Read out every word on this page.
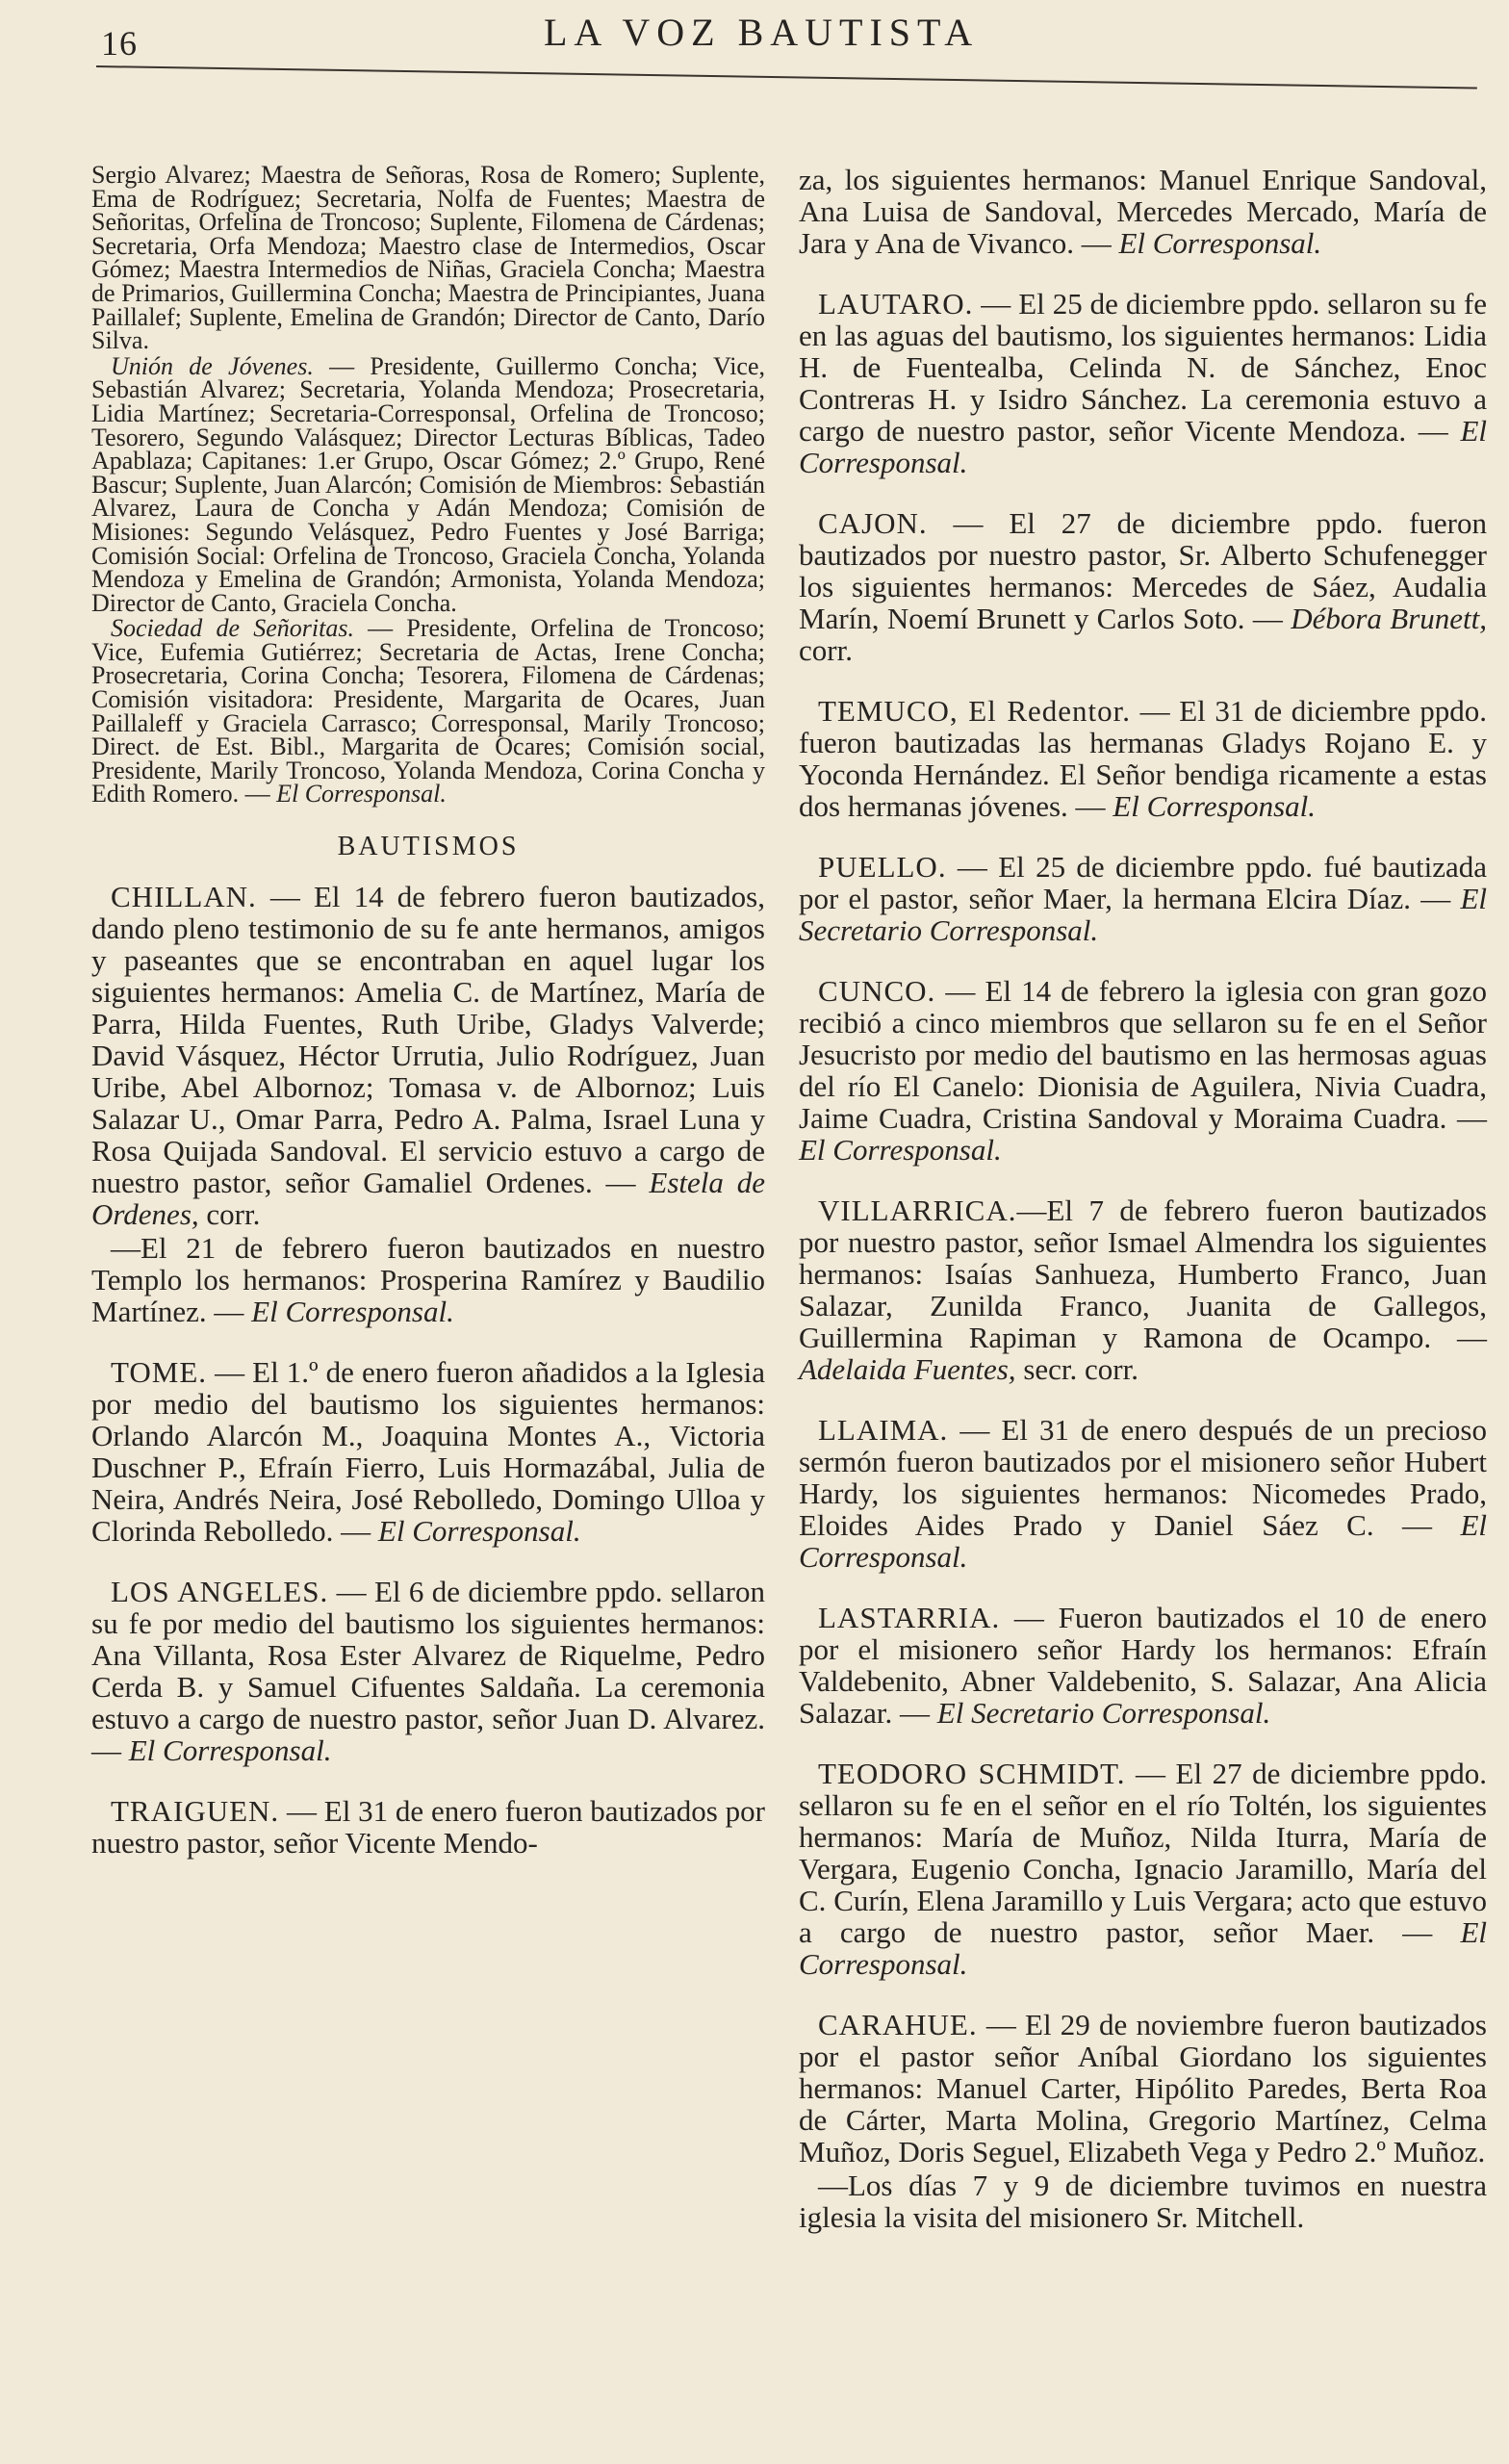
16	LA VOZ BAUTISTA

Sergio Alvarez; Maestra de Señoras, Rosa de Romero; Suplente, Ema de Rodríguez; Secretaria, Nolfa de Fuentes; Maestra de Señoritas, Orfelina de Troncoso; Suplente, Filomena de Cárdenas; Secretaria, Orfa Mendoza; Maestro clase de Intermedios, Oscar Gómez; Maestra Intermedios de Niñas, Graciela Concha; Maestra de Primarios, Guillermina Concha; Maestra de Principiantes, Juana Paillalef; Suplente, Emelina de Grandón; Director de Canto, Darío Silva.

Unión de Jóvenes. — Presidente, Guillermo Concha; Vice, Sebastián Alvarez; Secretaria, Yolanda Mendoza; Prosecretaria, Lidia Martínez; Secretaria-Corresponsal, Orfelina de Troncoso; Tesorero, Segundo Valásquez; Director Lecturas Bíblicas, Tadeo Apablaza; Capitanes: 1.er Grupo, Oscar Gómez; 2.º Grupo, René Bascur; Suplente, Juan Alarcón; Comisión de Miembros: Sebastián Alvarez, Laura de Concha y Adán Mendoza; Comisión de Misiones: Segundo Velásquez, Pedro Fuentes y José Barriga; Comisión Social: Orfelina de Troncoso, Graciela Concha, Yolanda Mendoza y Emelina de Grandón; Armonista, Yolanda Mendoza; Director de Canto, Graciela Concha.

Sociedad de Señoritas. — Presidente, Orfelina de Troncoso; Vice, Eufemia Gutiérrez; Secretaria de Actas, Irene Concha; Prosecretaria, Corina Concha; Tesorera, Filomena de Cárdenas; Comisión visitadora: Presidente, Margarita de Ocares, Juan Paillaleff y Graciela Carrasco; Corresponsal, Marily Troncoso; Direct. de Est. Bibl., Margarita de Ocares; Comisión social, Presidente, Marily Troncoso, Yolanda Mendoza, Corina Concha y Edith Romero. — El Corresponsal.

BAUTISMOS

CHILLAN. — El 14 de febrero fueron bautizados, dando pleno testimonio de su fe ante hermanos, amigos y paseantes que se encontraban en aquel lugar los siguientes hermanos: Amelia C. de Martínez, María de Parra, Hilda Fuentes, Ruth Uribe, Gladys Valverde; David Vásquez, Héctor Urrutia, Julio Rodríguez, Juan Uribe, Abel Albornoz; Tomasa v. de Albornoz; Luis Salazar U., Omar Parra, Pedro A. Palma, Israel Luna y Rosa Quijada Sandoval. El servicio estuvo a cargo de nuestro pastor, señor Gamaliel Ordenes. — Estela de Ordenes, corr.

—El 21 de febrero fueron bautizados en nuestro Templo los hermanos: Prosperina Ramírez y Baudilio Martínez. — El Corresponsal.

TOME. — El 1.º de enero fueron añadidos a la Iglesia por medio del bautismo los siguientes hermanos: Orlando Alarcón M., Joaquina Montes A., Victoria Duschner P., Efraín Fierro, Luis Hormazábal, Julia de Neira, Andrés Neira, José Rebolledo, Domingo Ulloa y Clorinda Rebolledo. — El Corresponsal.

LOS ANGELES. — El 6 de diciembre ppdo. sellaron su fe por medio del bautismo los siguientes hermanos: Ana Villanta, Rosa Ester Alvarez de Riquelme, Pedro Cerda B. y Samuel Cifuentes Saldaña. La ceremonia estuvo a cargo de nuestro pastor, señor Juan D. Alvarez. — El Corresponsal.

TRAIGUEN. — El 31 de enero fueron bautizados por nuestro pastor, señor Vicente Mendo-

za, los siguientes hermanos: Manuel Enrique Sandoval, Ana Luisa de Sandoval, Mercedes Mercado, María de Jara y Ana de Vivanco. — El Corresponsal.

LAUTARO. — El 25 de diciembre ppdo. sellaron su fe en las aguas del bautismo, los siguientes hermanos: Lidia H. de Fuentealba, Celinda N. de Sánchez, Enoc Contreras H. y Isidro Sánchez. La ceremonia estuvo a cargo de nuestro pastor, señor Vicente Mendoza. — El Corresponsal.

CAJON. — El 27 de diciembre ppdo. fueron bautizados por nuestro pastor, Sr. Alberto Schufenegger los siguientes hermanos: Mercedes de Sáez, Audalia Marín, Noemí Brunett y Carlos Soto. — Débora Brunett, corr.

TEMUCO, El Redentor. — El 31 de diciembre ppdo. fueron bautizadas las hermanas Gladys Rojano E. y Yoconda Hernández. El Señor bendiga ricamente a estas dos hermanas jóvenes. — El Corresponsal.

PUELLO. — El 25 de diciembre ppdo. fué bautizada por el pastor, señor Maer, la hermana Elcira Díaz. — El Secretario Corresponsal.

CUNCO. — El 14 de febrero la iglesia con gran gozo recibió a cinco miembros que sellaron su fe en el Señor Jesucristo por medio del bautismo en las hermosas aguas del río El Canelo: Dionisia de Aguilera, Nivia Cuadra, Jaime Cuadra, Cristina Sandoval y Moraima Cuadra. — El Corresponsal.

VILLARRICA.—El 7 de febrero fueron bautizados por nuestro pastor, señor Ismael Almendra los siguientes hermanos: Isaías Sanhueza, Humberto Franco, Juan Salazar, Zunilda Franco, Juanita de Gallegos, Guillermina Rapiman y Ramona de Ocampo. — Adelaida Fuentes, secr. corr.

LLAIMA. — El 31 de enero después de un precioso sermón fueron bautizados por el misionero señor Hubert Hardy, los siguientes hermanos: Nicomedes Prado, Eloides Aides Prado y Daniel Sáez C. — El Corresponsal.

LASTARRIA. — Fueron bautizados el 10 de enero por el misionero señor Hardy los hermanos: Efraín Valdebenito, Abner Valdebenito, S. Salazar, Ana Alicia Salazar. — El Secretario Corresponsal.

TEODORO SCHMIDT. — El 27 de diciembre ppdo. sellaron su fe en el señor en el río Toltén, los siguientes hermanos: María de Muñoz, Nilda Iturra, María de Vergara, Eugenio Concha, Ignacio Jaramillo, María del C. Curín, Elena Jaramillo y Luis Vergara; acto que estuvo a cargo de nuestro pastor, señor Maer. — El Corresponsal.

CARAHUE. — El 29 de noviembre fueron bautizados por el pastor señor Aníbal Giordano los siguientes hermanos: Manuel Carter, Hipólito Paredes, Berta Roa de Cárter, Marta Molina, Gregorio Martínez, Celma Muñoz, Doris Seguel, Elizabeth Vega y Pedro 2.º Muñoz.

—Los días 7 y 9 de diciembre tuvimos en nuestra iglesia la visita del misionero Sr. Mitchell.
